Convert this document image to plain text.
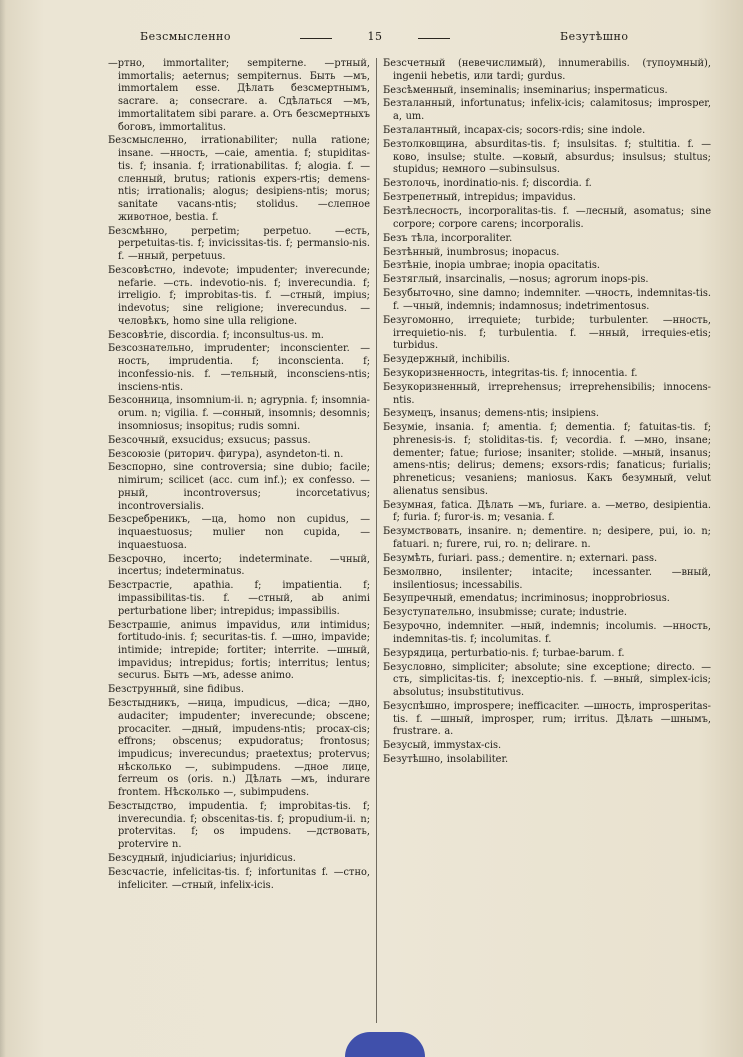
Безсмысленно	15	Безутѣшно

—ртно, immortaliter; sempiterne. —ртный, immortalis; aeternus; sempiternus. Быть —мъ, immortalem esse. Дѣлать безсмертнымъ, sacrare. a; consecrare. a. Сдѣлаться —мъ, immortalitatem sibi parare. a. Отъ безсмертныхъ боговъ, immortalitus.

Безсмысленно, irrationabiliter; nulla ratione; insane. —нность, —caie, amentia. f; stupiditas-tis. f; insania. f; irrationabilitas. f; alogia. f. —сленный, brutus; rationis expers-rtis; demens-ntis; irrationalis; alogus; desipiens-ntis; morus; sanitate vacans-ntis; stolidus. —слепное животное, bestia. f.

Безсмѣнно, perpetim; perpetuo. —есть, perpetuitas-tis. f; invicissitas-tis. f; permansio-nis. f. —нный, perpetuus.

Безсовѣстно, indevote; impudenter; inverecunde; nefarie. —сть. indevotio-nis. f; inverecundia. f; irreligio. f; improbitas-tis. f. —стный, impius; indevotus; sine religione; inverecundus. — человѣкъ, homo sine ulla religione.

Безсовѣтіе, discordia. f; inconsultus-us. m.

Безсознательно, imprudenter; inconscienter. —ность, imprudentia. f; inconscienta. f; inconfessio-nis. f. —тельный, inconsciens-ntis; insciens-ntis.

Безсонница, insomnium-ii. n; agrypnia. f; insomnia-orum. n; vigilia. f. —сонный, insomnis; desomnis; insomniosus; insopitus; rudis somni.

Безсочный, exsucidus; exsucus; passus.

Безсоюзіе (риторич. фигура), asyndeton-ti. n.

Безспорно, sine controversia; sine dubio; facile; nimirum; scilicet (acc. cum inf.); ex confesso. —рный, incontroversus; incorcetativus; incontroversialis.

Безсребреникъ, —ца, homo non cupidus, — inquaestuosus; mulier non cupida, — inquaestuosa.

Безсрочно, incerto; indeterminate. —чный, incertus; indeterminatus.

Безстрастіе, apathia. f; impatientia. f; impassibilitas-tis. f. —стный, ab animi perturbatione liber; intrepidus; impassibilis.

Безстрашіе, animus impavidus, или intimidus; fortitudo-inis. f; securitas-tis. f. —шно, impavide; intimide; intrepide; fortiter; interrite. —шный, impavidus; intrepidus; fortis; interritus; lentus; securus. Быть —мъ, adesse animo.

Безструнный, sine fidibus.

Безстыдникъ, —ница, impudicus, —dica; —дно, audaciter; impudenter; inverecunde; obscene; procaciter. —дный, impudens-ntis; procax-cis; effrons; obscenus; expudoratus; frontosus; impudicus; inverecundus; praetextus; protervus; нѣсколько —, subimpudens. —дное лице, ferreum os (oris. n.) Дѣлать —мъ, indurare frontem. Нѣсколько —, subimpudens.

Безстыдство, impudentia. f; improbitas-tis. f; inverecundia. f; obscenitas-tis. f; propudium-ii. n; protervitas. f; os impudens. —дствовать, protervire n.

Безсудный, injudiciarius; injuridicus.

Безсчастіе, infelicitas-tis. f; infortunitas f. —стно, infeliciter. —стный, infelix-icis.

Безсчетный (невечислимый), innumerabilis. (тупоумный), ingenii hebetis, или tardi; gurdus.

Безсѣменный, inseminalis; inseminarius; inspermaticus.

Безталанный, infortunatus; infelix-icis; calamitosus; improsper, a, um.

Безталантный, incapax-cis; socors-rdis; sine indole.

Безтолковщина, absurditas-tis. f; insulsitas. f; stultitia. f. —ково, insulse; stulte. —ковый, absurdus; insulsus; stultus; stupidus; немного —subinsulsus.

Безтолочь, inordinatio-nis. f; discordia. f.

Безтрепетный, intrepidus; impavidus.

Безтѣлесность, incorporalitas-tis. f. —лесный, asomatus; sine corpore; corpore carens; incorporalis.

Безъ тѣла, incorporaliter.

Безтѣнный, inumbrosus; inopacus.

Безтѣніе, inopia umbrae; inopia opacitatis.

Безтяглый, insarcinalis, —nosus; agrorum inops-pis.

Безубыточно, sine damno; indemniter. —чность, indemnitas-tis. f. —чный, indemnis; indamnosus; indetrimentosus.

Безугомонно, irrequiete; turbide; turbulenter. —нность, irrequietio-nis. f; turbulentia. f. —нный, irrequies-etis; turbidus.

Безудержный, inchibilis.

Безукоризненность, integritas-tis. f; innocentia. f.

Безукоризненный, irreprehensus; irreprehensibilis; innocens-ntis.

Безумецъ, insanus; demens-ntis; insipiens.

Безуміе, insania. f; amentia. f; dementia. f; fatuitas-tis. f; phrenesis-is. f; stoliditas-tis. f; vecordia. f. —мно, insane; dementer; fatue; furiose; insaniter; stolide. —мный, insanus; amens-ntis; delirus; demens; exsors-rdis; fanaticus; furialis; phreneticus; vesaniens; maniosus. Какъ безумный, velut alienatus sensibus.

Безумная, fatica. Дѣлать —мъ, furiare. a. —метво, desipientia. f; furia. f; furor-is. m; vesania. f.

Безумствовать, insanire. n; dementire. n; desipere, pui, io. n; fatuari. n; furere, rui, ro. n; delirare. n.

Безумѣть, furiari. pass.; dementire. n; externari. pass.

Безмолвно, insilenter; intacite; incessanter. —вный, insilentiosus; incessabilis.

Безупречный, emendatus; incriminosus; inopprobriosus.

Безуступательно, insubmisse; curate; industrie.

Безурочно, indemniter. —ный, indemnis; incolumis. —нность, indemnitas-tis. f; incolumitas. f.

Безурядица, perturbatio-nis. f; turbae-barum. f.

Безусловно, simpliciter; absolute; sine exceptione; directo. —сть, simplicitas-tis. f; inexceptio-nis. f. —вный, simplex-icis; absolutus; insubstitutivus.

Безуспѣшно, improspere; inefficaciter. —шность, improsperitas-tis. f. —шный, improsper, rum; irritus. Дѣлать —шнымъ, frustrare. a.

Безусый, immystax-cis.

Безутѣшно, insolabiliter.
